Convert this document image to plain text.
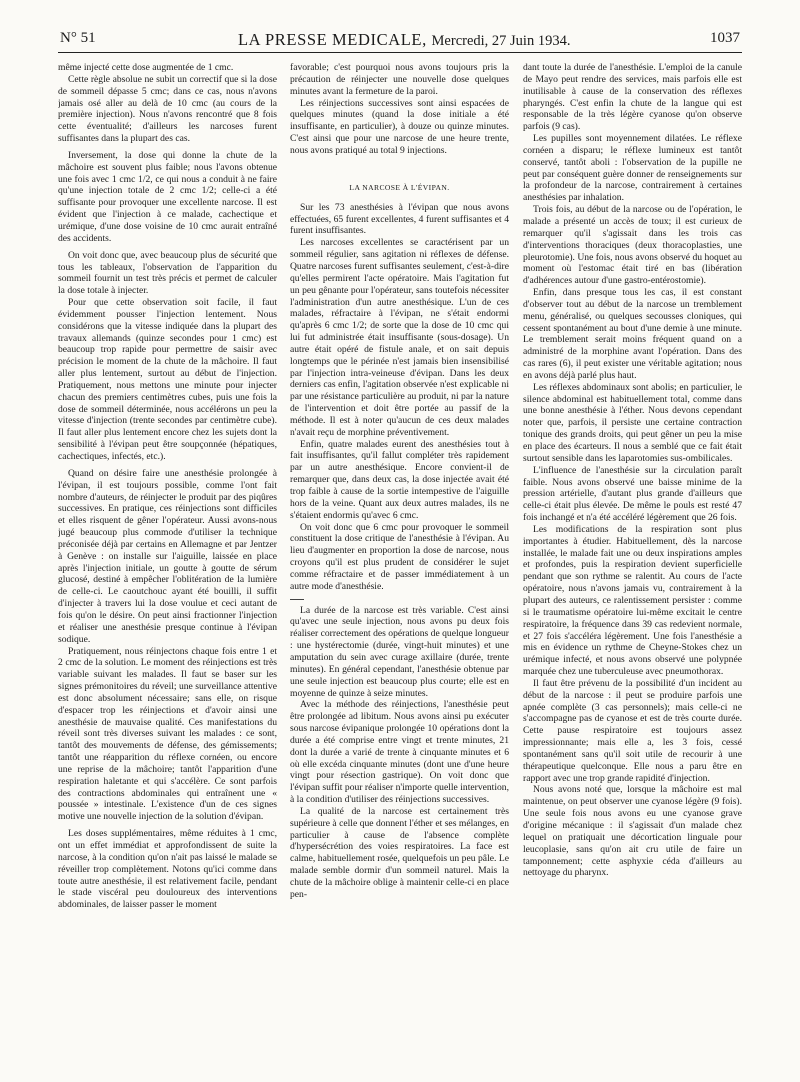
N° 51	LA PRESSE MEDICALE, Mercredi, 27 Juin 1934.	1037

même injecté cette dose augmentée de 1 cmc.

Cette règle absolue ne subit un correctif que si la dose de sommeil dépasse 5 cmc; dans ce cas, nous n'avons jamais osé aller au delà de 10 cmc (au cours de la première injection). Nous n'avons rencontré que 8 fois cette éventualité; d'ailleurs les narcoses furent suffisantes dans la plupart des cas.

Inversement, la dose qui donne la chute de la mâchoire est souvent plus faible; nous l'avons obtenue une fois avec 1 cmc 1/2, ce qui nous a conduit à ne faire qu'une injection totale de 2 cmc 1/2; celle-ci a été suffisante pour provoquer une excellente narcose. Il est évident que l'injection à ce malade, cachectique et urémique, d'une dose voisine de 10 cmc aurait entraîné des accidents.

On voit donc que, avec beaucoup plus de sécurité que tous les tableaux, l'observation de l'apparition du sommeil fournit un test très précis et permet de calculer la dose totale à injecter.

Pour que cette observation soit facile, il faut évidemment pousser l'injection lentement. Nous considérons que la vitesse indiquée dans la plupart des travaux allemands (quinze secondes pour 1 cmc) est beaucoup trop rapide pour permettre de saisir avec précision le moment de la chute de la mâchoire. Il faut aller plus lentement, surtout au début de l'injection. Pratiquement, nous mettons une minute pour injecter chacun des premiers centimètres cubes, puis une fois la dose de sommeil déterminée, nous accélérons un peu la vitesse d'injection (trente secondes par centimètre cube). Il faut aller plus lentement encore chez les sujets dont la sensibilité à l'évipan peut être soupçonnée (hépatiques, cachectiques, infectés, etc.).

Quand on désire faire une anesthésie prolongée à l'évipan, il est toujours possible, comme l'ont fait nombre d'auteurs, de réinjecter le produit par des piqûres successives. En pratique, ces réinjections sont difficiles et elles risquent de gêner l'opérateur. Aussi avons-nous jugé beaucoup plus commode d'utiliser la technique préconisée déjà par certains en Allemagne et par Jentzer à Genève : on installe sur l'aiguille, laissée en place après l'injection initiale, un goutte à goutte de sérum glucosé, destiné à empêcher l'oblitération de la lumière de celle-ci. Le caoutchouc ayant été bouilli, il suffit d'injecter à travers lui la dose voulue et ceci autant de fois qu'on le désire. On peut ainsi fractionner l'injection et réaliser une anesthésie presque continue à l'évipan sodique.

Pratiquement, nous réinjectons chaque fois entre 1 et 2 cmc de la solution. Le moment des réinjections est très variable suivant les malades. Il faut se baser sur les signes prémonitoires du réveil; une surveillance attentive est donc absolument nécessaire; sans elle, on risque d'espacer trop les réinjections et d'avoir ainsi une anesthésie de mauvaise qualité. Ces manifestations du réveil sont très diverses suivant les malades : ce sont, tantôt des mouvements de défense, des gémissements; tantôt une réapparition du réflexe cornéen, ou encore une reprise de la mâchoire; tantôt l'apparition d'une respiration haletante et qui s'accélère. Ce sont parfois des contractions abdominales qui entraînent une « poussée » intestinale. L'existence d'un de ces signes motive une nouvelle injection de la solution d'évipan.

Les doses supplémentaires, même réduites à 1 cmc, ont un effet immédiat et approfondissent de suite la narcose, à la condition qu'on n'ait pas laissé le malade se réveiller trop complètement. Notons qu'ici comme dans toute autre anesthésie, il est relativement facile, pendant le stade viscéral peu douloureux des interventions abdominales, de laisser passer le moment

favorable; c'est pourquoi nous avons toujours pris la précaution de réinjecter une nouvelle dose quelques minutes avant la fermeture de la paroi.

Les réinjections successives sont ainsi espacées de quelques minutes (quand la dose initiale a été insuffisante, en particulier), à douze ou quinze minutes. C'est ainsi que pour une narcose de une heure trente, nous avons pratiqué au total 9 injections.

LA NARCOSE À L'ÉVIPAN.

Sur les 73 anesthésies à l'évipan que nous avons effectuées, 65 furent excellentes, 4 furent suffisantes et 4 furent insuffisantes.

Les narcoses excellentes se caractérisent par un sommeil régulier, sans agitation ni réflexes de défense. Quatre narcoses furent suffisantes seulement, c'est-à-dire qu'elles permirent l'acte opératoire. Mais l'agitation fut un peu gênante pour l'opérateur, sans toutefois nécessiter l'administration d'un autre anesthésique. L'un de ces malades, réfractaire à l'évipan, ne s'était endormi qu'après 6 cmc 1/2; de sorte que la dose de 10 cmc qui lui fut administrée était insuffisante (sous-dosage). Un autre était opéré de fistule anale, et on sait depuis longtemps que le périnée n'est jamais bien insensibilisé par l'injection intra-veineuse d'évipan. Dans les deux derniers cas enfin, l'agitation observée n'est explicable ni par une résistance particulière au produit, ni par la nature de l'intervention et doit être portée au passif de la méthode. Il est à noter qu'aucun de ces deux malades n'avait reçu de morphine préventivement.

Enfin, quatre malades eurent des anesthésies tout à fait insuffisantes, qu'il fallut compléter très rapidement par un autre anesthésique. Encore convient-il de remarquer que, dans deux cas, la dose injectée avait été trop faible à cause de la sortie intempestive de l'aiguille hors de la veine. Quant aux deux autres malades, ils ne s'étaient endormis qu'avec 6 cmc.

On voit donc que 6 cmc pour provoquer le sommeil constituent la dose critique de l'anesthésie à l'évipan. Au lieu d'augmenter en proportion la dose de narcose, nous croyons qu'il est plus prudent de considérer le sujet comme réfractaire et de passer immédiatement à un autre mode d'anesthésie.

La durée de la narcose est très variable. C'est ainsi qu'avec une seule injection, nous avons pu deux fois réaliser correctement des opérations de quelque longueur : une hystérectomie (durée, vingt-huit minutes) et une amputation du sein avec curage axillaire (durée, trente minutes). En général cependant, l'anesthésie obtenue par une seule injection est beaucoup plus courte; elle est en moyenne de quinze à seize minutes.

Avec la méthode des réinjections, l'anesthésie peut être prolongée ad libitum. Nous avons ainsi pu exécuter sous narcose évipanique prolongée 10 opérations dont la durée a été comprise entre vingt et trente minutes, 21 dont la durée a varié de trente à cinquante minutes et 6 où elle excéda cinquante minutes (dont une d'une heure vingt pour résection gastrique). On voit donc que l'évipan suffit pour réaliser n'importe quelle intervention, à la condition d'utiliser des réinjections successives.

La qualité de la narcose est certainement très supérieure à celle que donnent l'éther et ses mélanges, en particulier à cause de l'absence complète d'hypersécrétion des voies respiratoires. La face est calme, habituellement rosée, quelquefois un peu pâle. Le malade semble dormir d'un sommeil naturel. Mais la chute de la mâchoire oblige à maintenir celle-ci en place pen-

dant toute la durée de l'anesthésie. L'emploi de la canule de Mayo peut rendre des services, mais parfois elle est inutilisable à cause de la conservation des réflexes pharyngés. C'est enfin la chute de la langue qui est responsable de la très légère cyanose qu'on observe parfois (9 cas).

Les pupilles sont moyennement dilatées. Le réflexe cornéen a disparu; le réflexe lumineux est tantôt conservé, tantôt aboli : l'observation de la pupille ne peut par conséquent guère donner de renseignements sur la profondeur de la narcose, contrairement à certaines anesthésies par inhalation.

Trois fois, au début de la narcose ou de l'opération, le malade a présenté un accès de toux; il est curieux de remarquer qu'il s'agissait dans les trois cas d'interventions thoraciques (deux thoracoplasties, une pleurotomie). Une fois, nous avons observé du hoquet au moment où l'estomac était tiré en bas (libération d'adhérences autour d'une gastro-entérostomie).

Enfin, dans presque tous les cas, il est constant d'observer tout au début de la narcose un tremblement menu, généralisé, ou quelques secousses cloniques, qui cessent spontanément au bout d'une demie à une minute. Le tremblement serait moins fréquent quand on a administré de la morphine avant l'opération. Dans des cas rares (6), il peut exister une véritable agitation; nous en avons déjà parlé plus haut.

Les réflexes abdominaux sont abolis; en particulier, le silence abdominal est habituellement total, comme dans une bonne anesthésie à l'éther. Nous devons cependant noter que, parfois, il persiste une certaine contraction tonique des grands droits, qui peut gêner un peu la mise en place des écarteurs. Il nous a semblé que ce fait était surtout sensible dans les laparotomies sus-ombilicales.

L'influence de l'anesthésie sur la circulation paraît faible. Nous avons observé une baisse minime de la pression artérielle, d'autant plus grande d'ailleurs que celle-ci était plus élevée. De même le pouls est resté 47 fois inchangé et n'a été accéléré légèrement que 26 fois.

Les modifications de la respiration sont plus importantes à étudier. Habituellement, dès la narcose installée, le malade fait une ou deux inspirations amples et profondes, puis la respiration devient superficielle pendant que son rythme se ralentit. Au cours de l'acte opératoire, nous n'avons jamais vu, contrairement à la plupart des auteurs, ce ralentissement persister : comme si le traumatisme opératoire lui-même excitait le centre respiratoire, la fréquence dans 39 cas redevient normale, et 27 fois s'accéléra légèrement. Une fois l'anesthésie a mis en évidence un rythme de Cheyne-Stokes chez un urémique infecté, et nous avons observé une polypnée marquée chez une tuberculeuse avec pneumothorax.

Il faut être prévenu de la possibilité d'un incident au début de la narcose : il peut se produire parfois une apnée complète (3 cas personnels); mais celle-ci ne s'accompagne pas de cyanose et est de très courte durée. Cette pause respiratoire est toujours assez impressionnante; mais elle a, les 3 fois, cessé spontanément sans qu'il soit utile de recourir à une thérapeutique quelconque. Elle nous a paru être en rapport avec une trop grande rapidité d'injection.

Nous avons noté que, lorsque la mâchoire est mal maintenue, on peut observer une cyanose légère (9 fois). Une seule fois nous avons eu une cyanose grave d'origine mécanique : il s'agissait d'un malade chez lequel on pratiquait une décortication linguale pour leucoplasie, sans qu'on ait cru utile de faire un tamponnement; cette asphyxie céda d'ailleurs au nettoyage du pharynx.
